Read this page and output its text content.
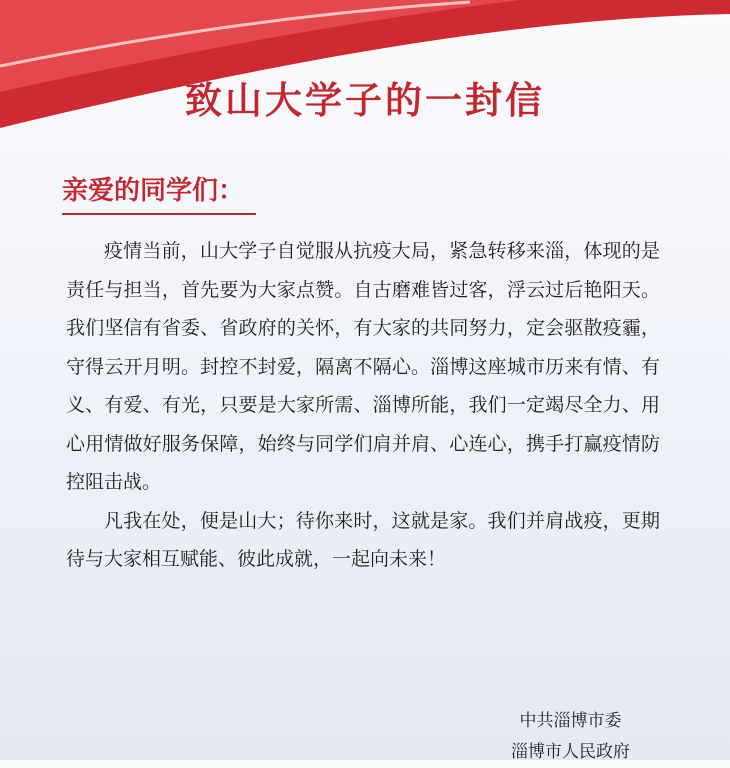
致山大学子的一封信
亲爱的同学们：

疫情当前，山大学子自觉服从抗疫大局，紧急转移来淄，体现的是责任与担当，首先要为大家点赞。自古磨难皆过客，浮云过后艳阳天。我们坚信有省委、省政府的关怀，有大家的共同努力，定会驱散疫霾，守得云开月明。封控不封爱，隔离不隔心。淄博这座城市历来有情、有义、有爱、有光，只要是大家所需、淄博所能，我们一定竭尽全力、用心用情做好服务保障，始终与同学们肩并肩、心连心，携手打赢疫情防控阻击战。

凡我在处，便是山大；待你来时，这就是家。我们并肩战疫，更期待与大家相互赋能、彼此成就，一起向未来！

中共淄博市委
淄博市人民政府
